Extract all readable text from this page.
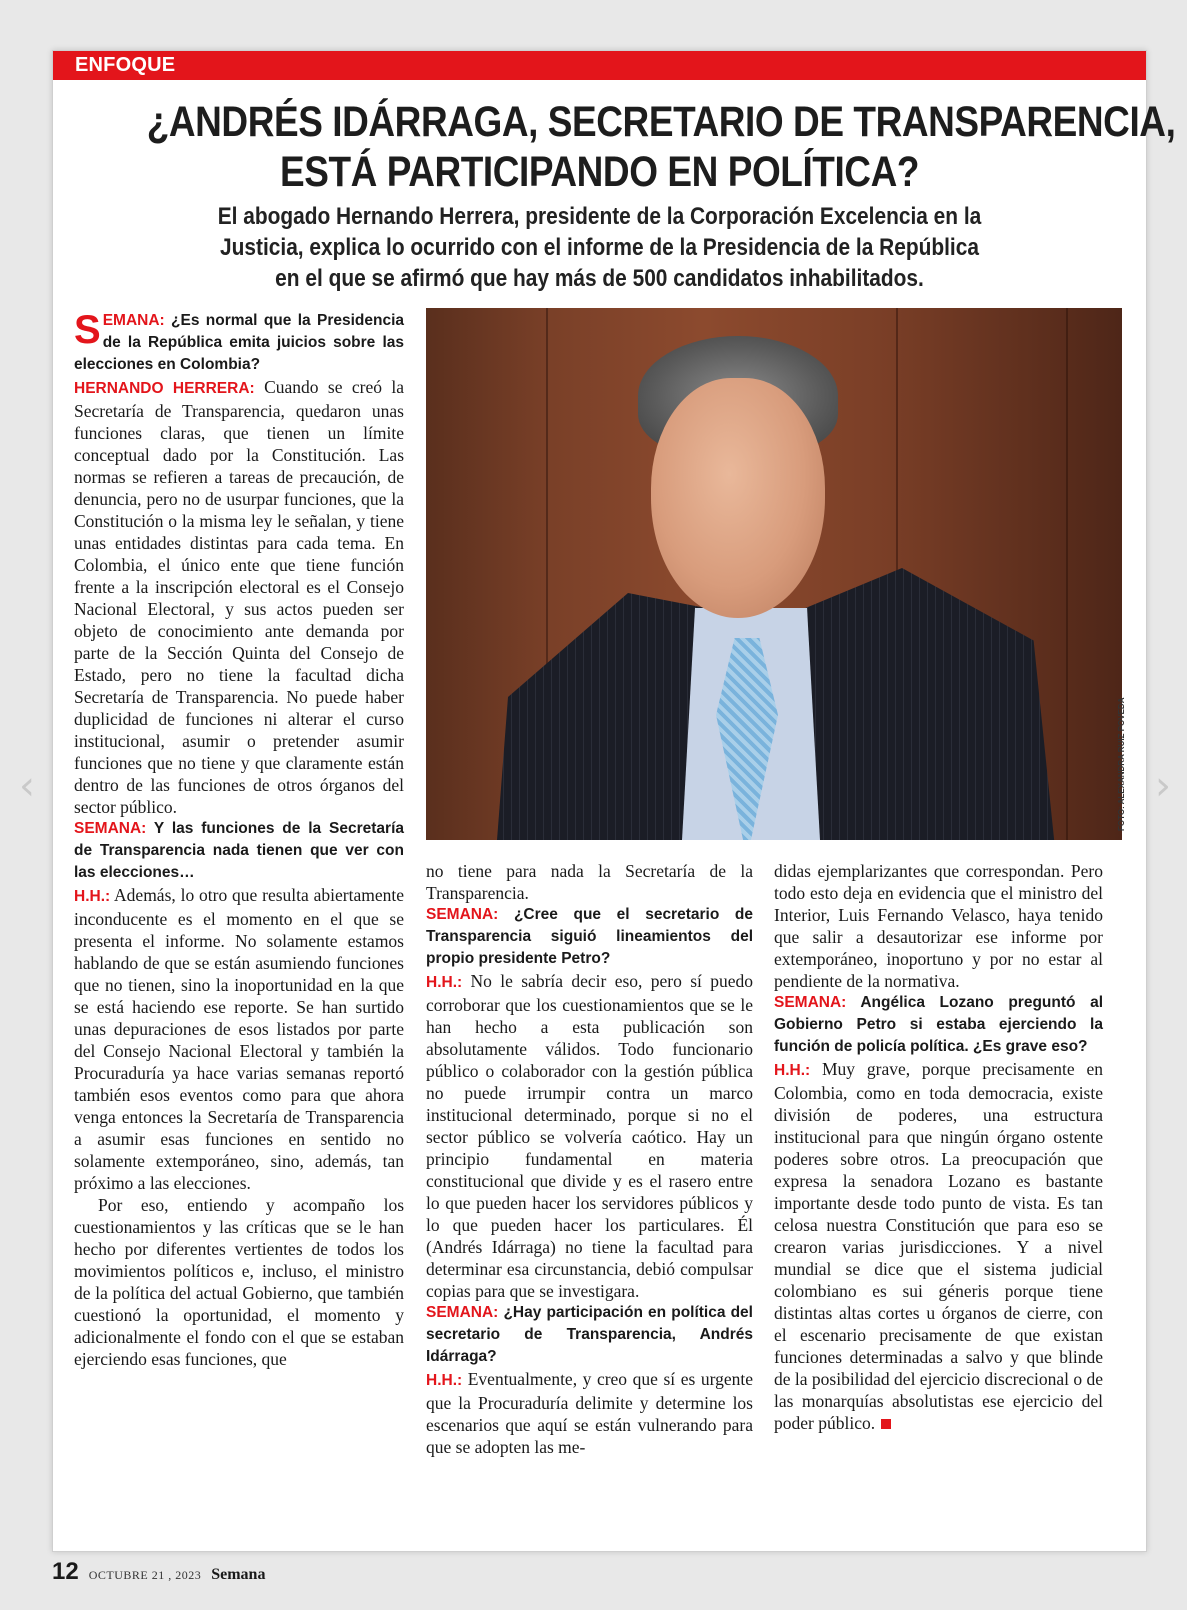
‹	›
ENFOQUE
¿ANDRÉS IDÁRRAGA, SECRETARIO DE TRANSPARENCIA,
ESTÁ PARTICIPANDO EN POLÍTICA?
El abogado Hernando Herrera, presidente de la Corporación Excelencia en la
Justicia, explica lo ocurrido con el informe de la Presidencia de la República
en el que se afirmó que hay más de 500 candidatos inhabilitados.
FOTO: ALEXANDRA RUIZ POVEDA

SEMANA: ¿Es normal que la Presidencia de la República emita juicios sobre las elecciones en Colombia?

HERNANDO HERRERA: Cuando se creó la Secretaría de Transparencia, quedaron unas funciones claras, que tienen un límite conceptual dado por la Constitución. Las normas se refieren a tareas de precaución, de denuncia, pero no de usurpar funciones, que la Constitución o la misma ley le señalan, y tiene unas entidades distintas para cada tema. En Colombia, el único ente que tiene función frente a la inscripción electoral es el Consejo Nacional Electoral, y sus actos pueden ser objeto de conocimiento ante demanda por parte de la Sección Quinta del Consejo de Estado, pero no tiene la facultad dicha Secretaría de Transparencia. No puede haber duplicidad de funciones ni alterar el curso institucional, asumir o pretender asumir funciones que no tiene y que claramente están dentro de las funciones de otros órganos del sector público.

SEMANA: Y las funciones de la Secretaría de Transparencia nada tienen que ver con las elecciones…

H.H.: Además, lo otro que resulta abiertamente inconducente es el momento en el que se presenta el informe. No solamente estamos hablando de que se están asumiendo funciones que no tienen, sino la inoportunidad en la que se está haciendo ese reporte. Se han surtido unas depuraciones de esos listados por parte del Consejo Nacional Electoral y también la Procuraduría ya hace varias semanas reportó también esos eventos como para que ahora venga entonces la Secretaría de Transparencia a asumir esas funciones en sentido no solamente extemporáneo, sino, además, tan próximo a las elecciones.

Por eso, entiendo y acompaño los cuestionamientos y las críticas que se le han hecho por diferentes vertientes de todos los movimientos políticos e, incluso, el ministro de la política del actual Gobierno, que también cuestionó la oportunidad, el momento y adicionalmente el fondo con el que se estaban ejerciendo esas funciones, que

no tiene para nada la Secretaría de la Transparencia.

SEMANA: ¿Cree que el secretario de Transparencia siguió lineamientos del propio presidente Petro?

H.H.: No le sabría decir eso, pero sí puedo corroborar que los cuestionamientos que se le han hecho a esta publicación son absolutamente válidos. Todo funcionario público o colaborador con la gestión pública no puede irrumpir contra un marco institucional determinado, porque si no el sector público se volvería caótico. Hay un principio fundamental en materia constitucional que divide y es el rasero entre lo que pueden hacer los servidores públicos y lo que pueden hacer los particulares. Él (Andrés Idárraga) no tiene la facultad para determinar esa circunstancia, debió compulsar copias para que se investigara.

SEMANA: ¿Hay participación en política del secretario de Transparencia, Andrés Idárraga?

H.H.: Eventualmente, y creo que sí es urgente que la Procuraduría delimite y determine los escenarios que aquí se están vulnerando para que se adopten las me-

didas ejemplarizantes que correspondan. Pero todo esto deja en evidencia que el ministro del Interior, Luis Fernando Velasco, haya tenido que salir a desautorizar ese informe por extemporáneo, inoportuno y por no estar al pendiente de la normativa.

SEMANA: Angélica Lozano preguntó al Gobierno Petro si estaba ejerciendo la función de policía política. ¿Es grave eso?

H.H.: Muy grave, porque precisamente en Colombia, como en toda democracia, existe división de poderes, una estructura institucional para que ningún órgano ostente poderes sobre otros. La preocupación que expresa la senadora Lozano es bastante importante desde todo punto de vista. Es tan celosa nuestra Constitución que para eso se crearon varias jurisdicciones. Y a nivel mundial se dice que el sistema judicial colombiano es sui géneris porque tiene distintas altas cortes u órganos de cierre, con el escenario precisamente de que existan funciones determinadas a salvo y que blinde de la posibilidad del ejercicio discrecional o de las monarquías absolutistas ese ejercicio del poder público.

12 OCTUBRE 21 , 2023 Semana
